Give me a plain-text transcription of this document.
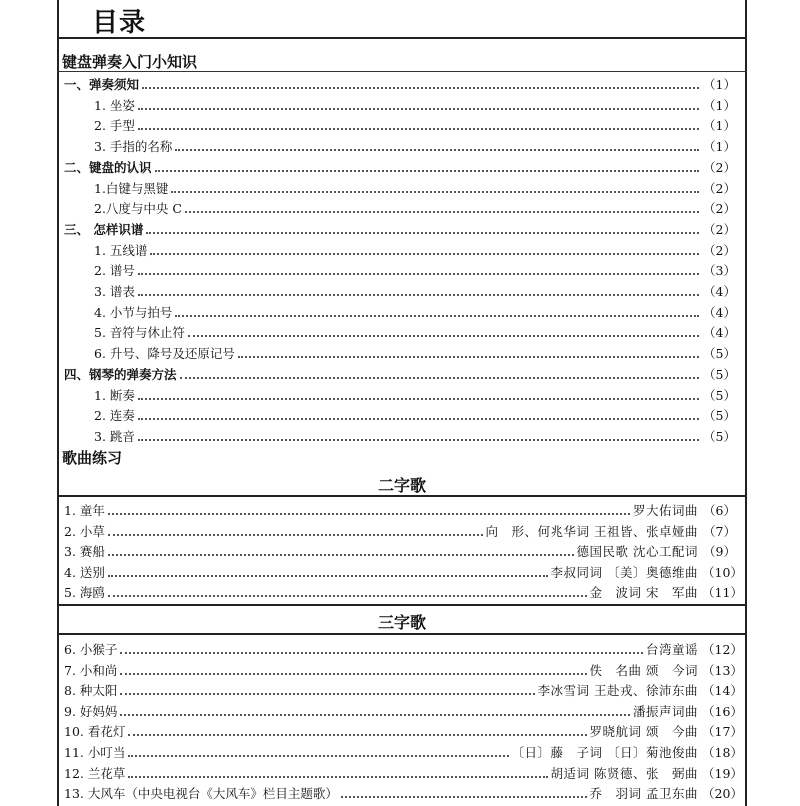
目录
键盘弹奏入门小知识
一、弹奏须知	（1）
1. 坐姿	（1）
2. 手型	（1）
3. 手指的名称	（1）
二、键盘的认识	（2）
1.白键与黑键	（2）
2.八度与中央 C	（2）
三、 怎样识谱	（2）
1. 五线谱	（2）
2. 谱号	（3）
3. 谱表	（4）
4. 小节与拍号	（4）
5. 音符与休止符	（4）
6. 升号、降号及还原记号	（5）
四、钢琴的弹奏方法	（5）
1. 断奏	（5）
2. 连奏	（5）
3. 跳音	（5）
歌曲练习
二字歌
1. 童年	罗大佑词曲 （6）
2. 小草	向　形、何兆华词 王祖皆、张卓娅曲 （7）
3. 赛船	德国民歌 沈心工配词 （9）
4. 送别	李叔同词 〔美〕奥德维曲 （10）
5. 海鸥	金　波词 宋　军曲 （11）
三字歌
6. 小猴子	台湾童谣 （12）
7. 小和尚	佚　名曲 颂　今词 （13）
8. 种太阳	李冰雪词 王赴戎、徐沛东曲 （14）
9. 好妈妈	潘振声词曲 （16）
10. 看花灯	罗晓航词 颂　今曲 （17）
11. 小叮当	〔日〕藤　子词 〔日〕菊池俊曲 （18）
12. 兰花草	胡适词 陈贤德、张　弼曲 （19）
13. 大风车（中央电视台《大风车》栏目主题歌）	乔　羽词 孟卫东曲 （20）
